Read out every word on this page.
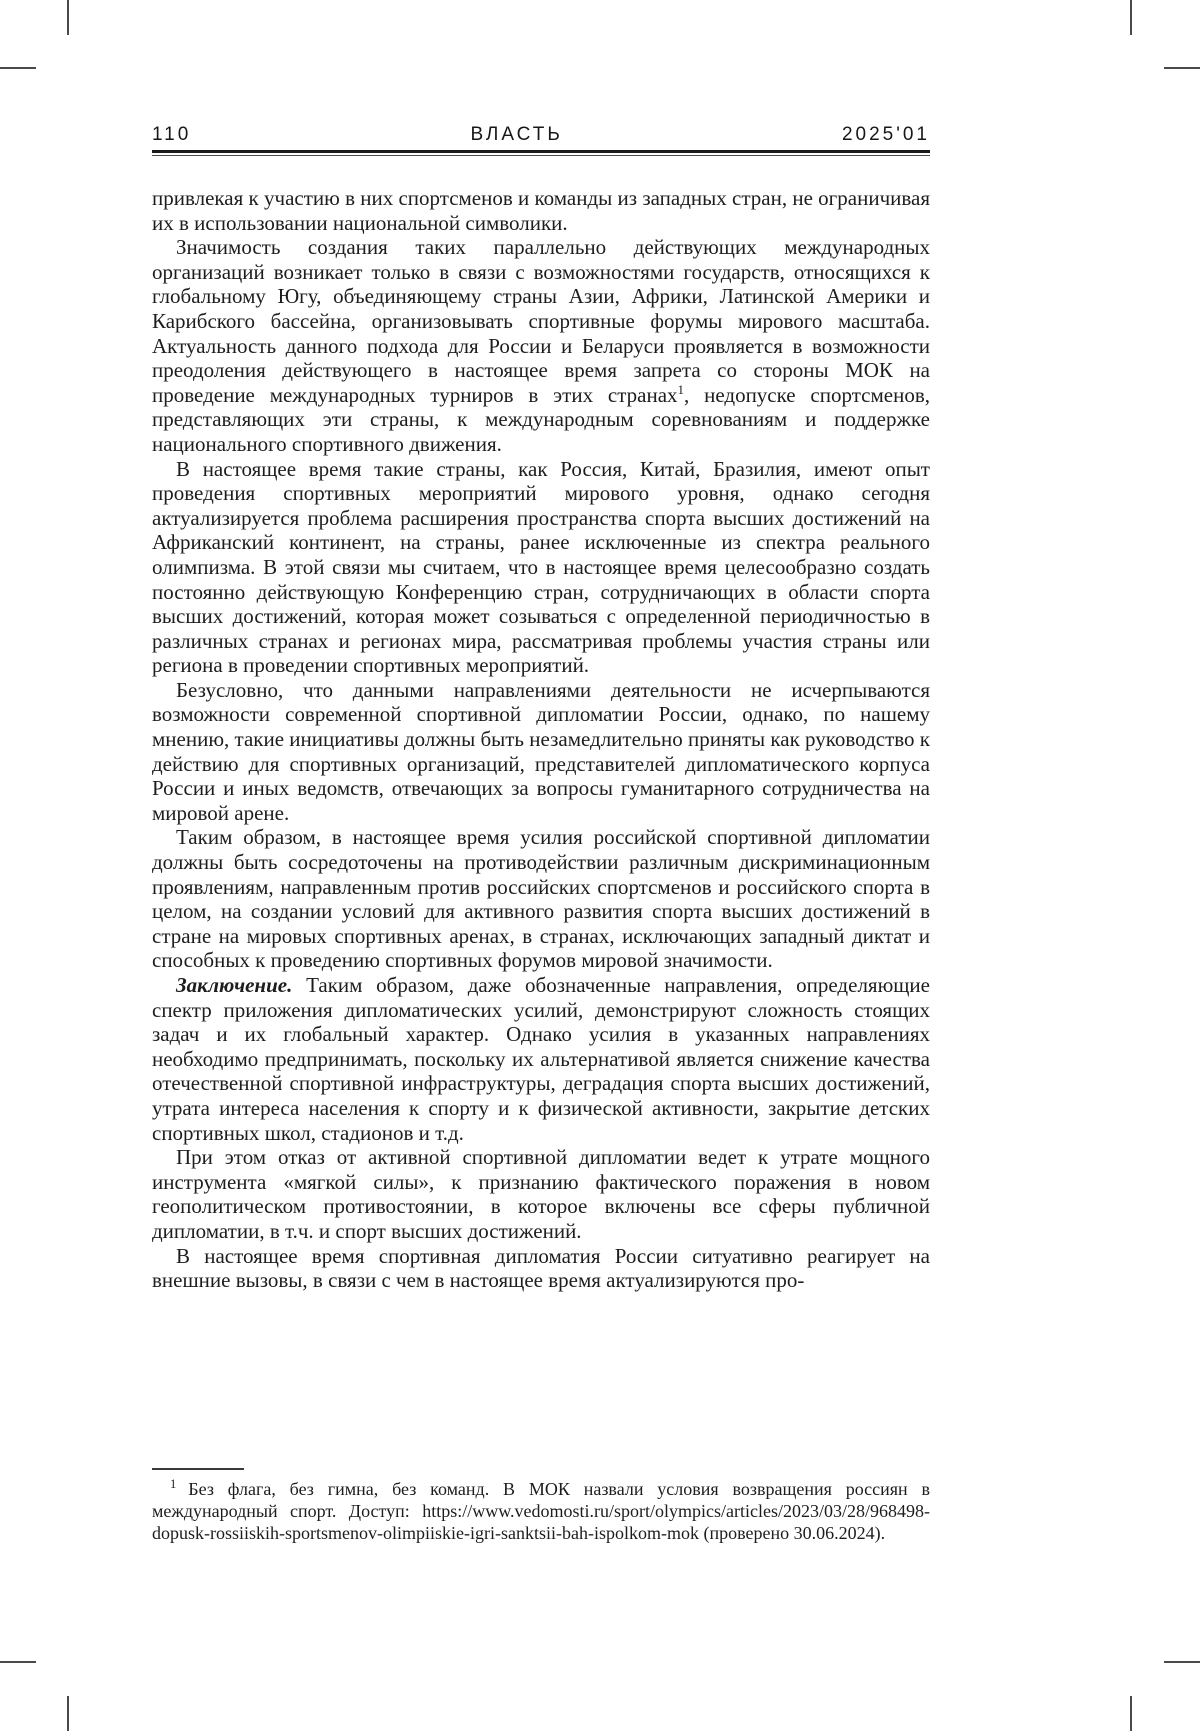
110	ВЛАСТЬ	2025'01

привлекая к участию в них спортсменов и команды из западных стран, не ограничивая их в использовании национальной символики.

Значимость создания таких параллельно действующих международных организаций возникает только в связи с возможностями государств, относящихся к глобальному Югу, объединяющему страны Азии, Африки, Латинской Америки и Карибского бассейна, организовывать спортивные форумы мирового масштаба. Актуальность данного подхода для России и Беларуси проявляется в возможности преодоления действующего в настоящее время запрета со стороны МОК на проведение международных турниров в этих странах$^1$, недопуске спортсменов, представляющих эти страны, к международным соревнованиям и поддержке национального спортивного движения.

В настоящее время такие страны, как Россия, Китай, Бразилия, имеют опыт проведения спортивных мероприятий мирового уровня, однако сегодня актуализируется проблема расширения пространства спорта высших достижений на Африканский континент, на страны, ранее исключенные из спектра реального олимпизма. В этой связи мы считаем, что в настоящее время целесообразно создать постоянно действующую Конференцию стран, сотрудничающих в области спорта высших достижений, которая может созываться с определенной периодичностью в различных странах и регионах мира, рассматривая проблемы участия страны или региона в проведении спортивных мероприятий.

Безусловно, что данными направлениями деятельности не исчерпываются возможности современной спортивной дипломатии России, однако, по нашему мнению, такие инициативы должны быть незамедлительно приняты как руководство к действию для спортивных организаций, представителей дипломатического корпуса России и иных ведомств, отвечающих за вопросы гуманитарного сотрудничества на мировой арене.

Таким образом, в настоящее время усилия российской спортивной дипломатии должны быть сосредоточены на противодействии различным дискриминационным проявлениям, направленным против российских спортсменов и российского спорта в целом, на создании условий для активного развития спорта высших достижений в стране на мировых спортивных аренах, в странах, исключающих западный диктат и способных к проведению спортивных форумов мировой значимости.

Заключение. Таким образом, даже обозначенные направления, определяющие спектр приложения дипломатических усилий, демонстрируют сложность стоящих задач и их глобальный характер. Однако усилия в указанных направлениях необходимо предпринимать, поскольку их альтернативой является снижение качества отечественной спортивной инфраструктуры, деградация спорта высших достижений, утрата интереса населения к спорту и к физической активности, закрытие детских спортивных школ, стадионов и т.д.

При этом отказ от активной спортивной дипломатии ведет к утрате мощного инструмента «мягкой силы», к признанию фактического поражения в новом геополитическом противостоянии, в которое включены все сферы публичной дипломатии, в т.ч. и спорт высших достижений.

В настоящее время спортивная дипломатия России ситуативно реагирует на внешние вызовы, в связи с чем в настоящее время актуализируются про-

$^1$ Без флага, без гимна, без команд. В МОК назвали условия возвращения россиян в международный спорт. Доступ: https://www.vedomosti.ru/sport/olympics/articles/2023/03/28/968498-dopusk-rossiiskih-sportsmenov-olimpiiskie-igri-sanktsii-bah-ispolkom-mok (проверено 30.06.2024).
